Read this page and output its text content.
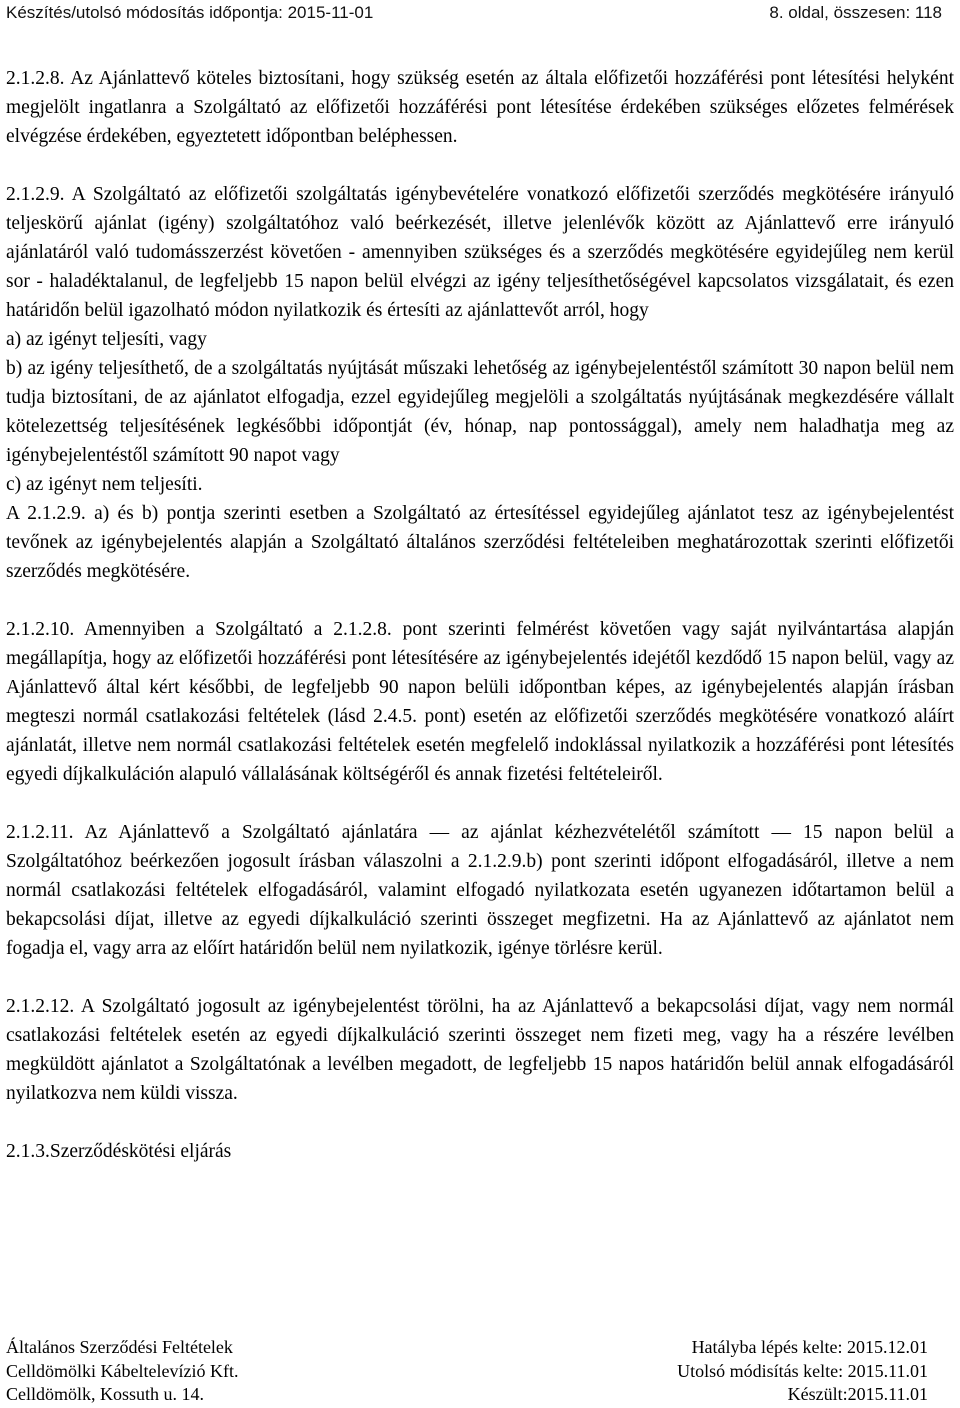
Készítés/utolsó módosítás időpontja: 2015-11-01	8. oldal, összesen: 118

2.1.2.8. Az Ajánlattevő köteles biztosítani, hogy szükség esetén az általa előfizetői hozzáférési pont létesítési helyként megjelölt ingatlanra a Szolgáltató az előfizetői hozzáférési pont létesítése érdekében szükséges előzetes felmérések elvégzése érdekében, egyeztetett időpontban beléphessen.

2.1.2.9. A Szolgáltató az előfizetői szolgáltatás igénybevételére vonatkozó előfizetői szerződés megkötésére irányuló teljeskörű ajánlat (igény) szolgáltatóhoz való beérkezését, illetve jelenlévők között az Ajánlattevő erre irányuló ajánlatáról való tudomásszerzést követően - amennyiben szükséges és a szerződés megkötésére egyidejűleg nem kerül sor - haladéktalanul, de legfeljebb 15 napon belül elvégzi az igény teljesíthetőségével kapcsolatos vizsgálatait, és ezen határidőn belül igazolható módon nyilatkozik és értesíti az ajánlattevőt arról, hogy
a) az igényt teljesíti, vagy
b) az igény teljesíthető, de a szolgáltatás nyújtását műszaki lehetőség az igénybejelentéstől számított 30 napon belül nem tudja biztosítani, de az ajánlatot elfogadja, ezzel egyidejűleg megjelöli a szolgáltatás nyújtásának megkezdésére vállalt kötelezettség teljesítésének legkésőbbi időpontját (év, hónap, nap pontossággal), amely nem haladhatja meg az igénybejelentéstől számított 90 napot vagy
c) az igényt nem teljesíti.
A 2.1.2.9. a) és b) pontja szerinti esetben a Szolgáltató az értesítéssel egyidejűleg ajánlatot tesz az igénybejelentést tevőnek az igénybejelentés alapján a Szolgáltató általános szerződési feltételeiben meghatározottak szerinti előfizetői szerződés megkötésére.

2.1.2.10. Amennyiben a Szolgáltató a 2.1.2.8. pont szerinti felmérést követően vagy saját nyilvántartása alapján megállapítja, hogy az előfizetői hozzáférési pont létesítésére az igénybejelentés idejétől kezdődő 15 napon belül, vagy az Ajánlattevő által kért későbbi, de legfeljebb 90 napon belüli időpontban képes, az igénybejelentés alapján írásban megteszi normál csatlakozási feltételek (lásd 2.4.5. pont) esetén az előfizetői szerződés megkötésére vonatkozó aláírt ajánlatát, illetve nem normál csatlakozási feltételek esetén megfelelő indoklással nyilatkozik a hozzáférési pont létesítés egyedi díjkalkuláción alapuló vállalásának költségéről és annak fizetési feltételeiről.

2.1.2.11. Az Ajánlattevő a Szolgáltató ajánlatára ― az ajánlat kézhezvételétől számított ― 15 napon belül a Szolgáltatóhoz beérkezően jogosult írásban válaszolni a 2.1.2.9.b) pont szerinti időpont elfogadásáról, illetve a nem normál csatlakozási feltételek elfogadásáról, valamint elfogadó nyilatkozata esetén ugyanezen időtartamon belül a bekapcsolási díjat, illetve az egyedi díjkalkuláció szerinti összeget megfizetni. Ha az Ajánlattevő az ajánlatot nem fogadja el, vagy arra az előírt határidőn belül nem nyilatkozik, igénye törlésre kerül.

2.1.2.12. A Szolgáltató jogosult az igénybejelentést törölni, ha az Ajánlattevő a bekapcsolási díjat, vagy nem normál csatlakozási feltételek esetén az egyedi díjkalkuláció szerinti összeget nem fizeti meg, vagy ha a részére levélben megküldött ajánlatot a Szolgáltatónak a levélben megadott, de legfeljebb 15 napos határidőn belül annak elfogadásáról nyilatkozva nem küldi vissza.

2.1.3.Szerződéskötési eljárás

Általános Szerződési Feltételek	Hatályba lépés kelte: 2015.12.01
Celldömölki Kábeltelevízió Kft.	Utolsó módisítás kelte: 2015.11.01
Celldömölk, Kossuth u. 14.	Készült:2015.11.01
